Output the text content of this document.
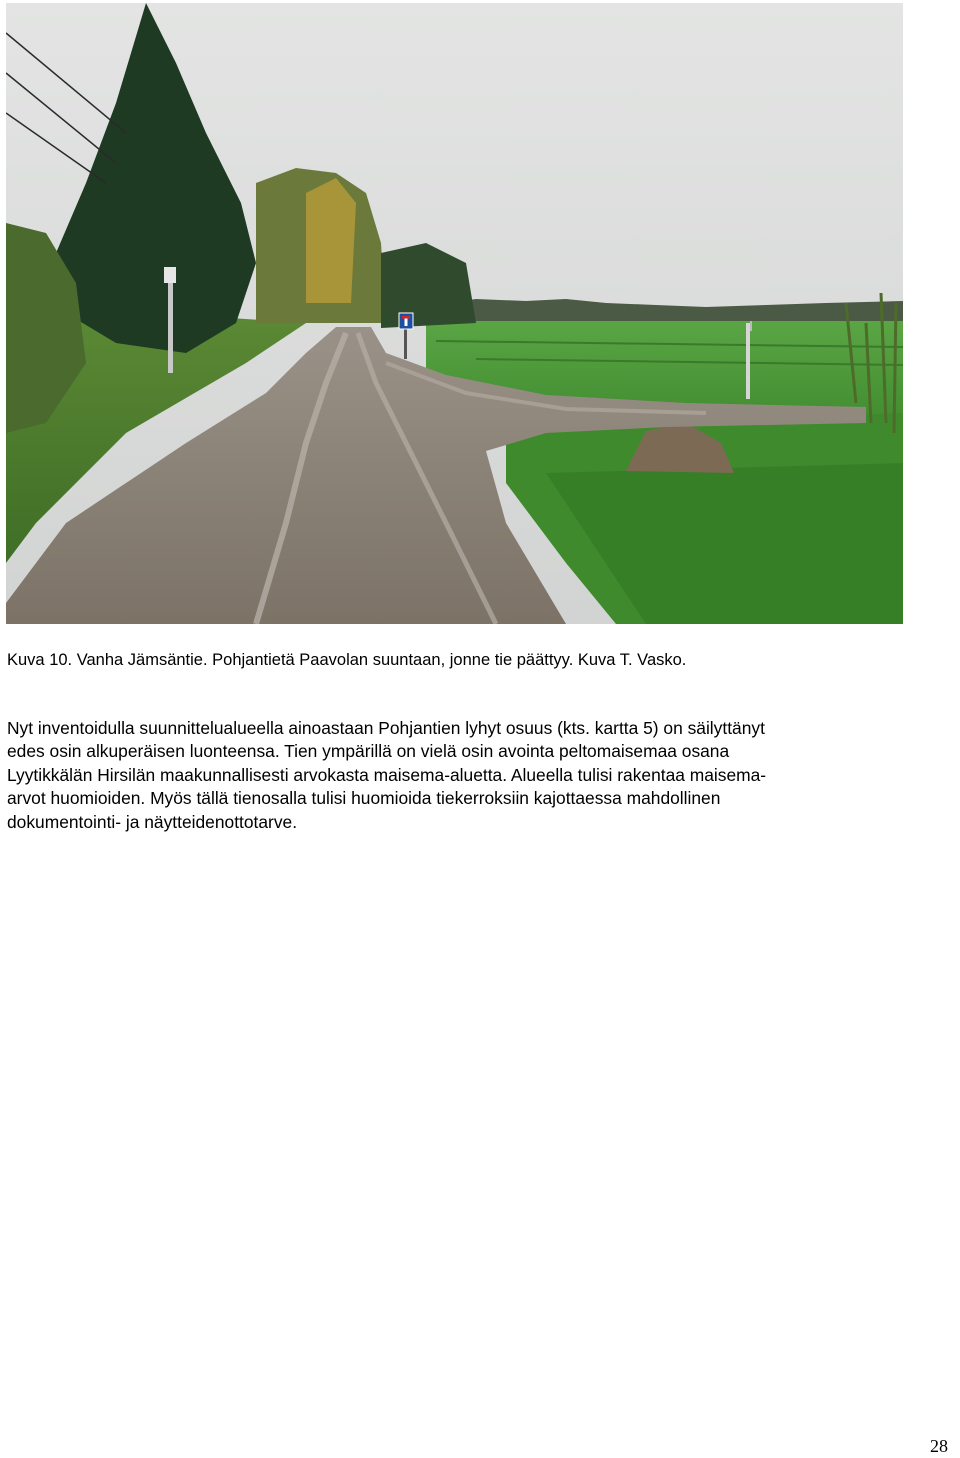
Kuva 10. Vanha Jämsäntie. Pohjantietä Paavolan suuntaan, jonne tie päättyy. Kuva T. Vasko.

Nyt inventoidulla suunnittelualueella ainoastaan Pohjantien lyhyt osuus (kts. kartta 5) on säilyttänyt
edes osin alkuperäisen luonteensa. Tien ympärillä on vielä osin avointa peltomaisemaa osana
Lyytikkälän Hirsilän maakunnallisesti arvokasta maisema-aluetta. Alueella tulisi rakentaa maisema-
arvot huomioiden. Myös tällä tienosalla tulisi huomioida tiekerroksiin kajottaessa mahdollinen
dokumentointi- ja näytteidenottotarve.

28
